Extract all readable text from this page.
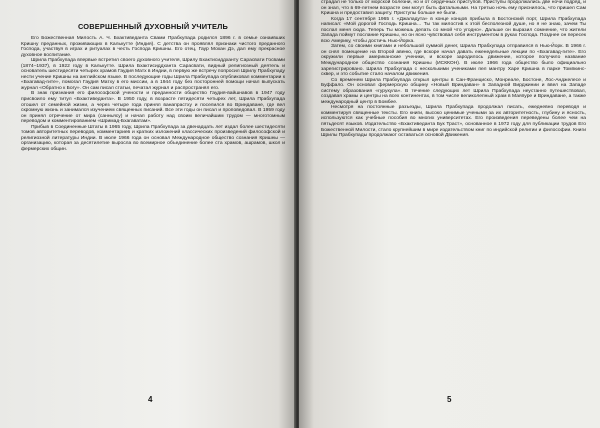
СОВЕРШЕННЫЙ ДУХОВНЫЙ УЧИТЕЛЬ

Его Божественная Милость А. Ч. Бхактиведанта Свами Прабхупада родился 1896 г. в семье ознаивших Кришну преданных, проживающих в Калькутте (Индия). С детства он проявлял признаки чистого преданного Господа, участвуя в играх и ритуалах в честь Господа Кришны. Его отец, Гаур Мохан Дэ, дал ему прекрасное духовное воспитание.

Шрила Прабхупада впервые встретил своего духовного учителя, Шрилу Бхактисиддханту Сарасвати Госвами (1874–1937), в 1922 году в Калькутте. Шрила Бхактисиддханта Сарасвати, видный религиозный деятель и основатель шестидесяти четырех храмов Гаудия Матх в Индии, в первую же встречу попросил Шрилу Прабхупаду нести учение Кришны на английском языке. В последующие годы Шрила Прабхупада опубликовал комментарии к «Бхагавад-гите», помогал Гаудия Матху в его миссии, а в 1944 году без посторонней помощи начал выпускать журнал «Обратно к Богу». Он сам писал статьи, печатал журнал и распространял его.

В знак признания его философской учености и преданности общество Гаудия-вайшнавов в 1947 году присвоило ему титул «Бхактиведанта». В 1950 году, в возрасте пятидесяти четырех лет, Шрила Прабхупада отошел от семейной жизни, а через четыре года принял ванапрастху и поселился во Вриндаване, где вел скромную жизнь и занимался изучением священных писаний. Все эти годы он писал и проповедовал. В 1959 году он принял отречение от мира (санньясу) и начал работу над своим величайшим трудом — многотомным переводом и комментированием «Шримад-Бхагаватам».

Прибыв в Соединенные Штаты в 1965 году, Шрила Прабхупада за двенадцать лет издал более шестидесяти томов авторитетных переводов, комментариев и кратких изложений классических произведений философской и религиозной литературы Индии. В июле 1966 года он основал Международное общество сознания Кришны — организацию, которая за десятилетие выросла во всемирное объединение более ста храмов, ашрамов, школ и фермерских общин.

4

страдал не только от морской болезни, но и от сердечных приступов. Приступы продолжались две ночи подряд, и он знал, что в 69-летнем возрасте они могут быть фатальными. На третью ночь ему приснилось, что пришел Сам Кришна и предоставил защиту. Приступы больше не были.

Когда 17 сентября 1965 г. «Джаладута» в конце концов прибыла в Бостонский порт, Шрила Прабхупада написал: «Мой дорогой Господь Кришна… Ты так милостив к этой бесполезной душе, но я не знаю, зачем Ты послал меня сюда. Теперь Ты можешь делать со мной что угодно». Дальше он выразил сомнение, что жители Запада поймут послание Кришны, но он ясно чувствовал себя инструментом в руках Господа. Позднее он пересек всю Америку, чтобы достичь Нью-Йорка.

Затем, со своими книгами и небольшой суммой денег, Шрила Прабхупада отправился в Нью-Йорк. В 1966 г. он снял помещение на Второй авеню, где вскоре начал давать еженедельные лекции по «Бхагавад-гите». Его окружили первые американские ученики, и вскоре зародилось движение, которое получило название Международное общество сознания Кришны (ИСККОН). В июле 1966 года общество было официально зарегистрировано. Шрила Прабхупада с несколькими учениками пел мантру Харе Кришна в парке Томпкинс-сквер, и это событие стало началом движения.

Со временем Шрила Прабхупада открыл центры в Сан-Франциско, Монреале, Бостоне, Лос-Анджелесе и Буффало. Он основал фермерскую общину «Новый Вриндаван» в Западной Вирджинии и ввел на Западе систему образования «гурукула». В течение следующих лет Шрила Прабхупада неустанно путешествовал, создавая храмы и центры на всех континентах, в том числе великолепный храм в Маяпуре и Вриндаване, а также международный центр в Бомбее.

Несмотря на постоянные разъезды, Шрила Прабхупада продолжал писать, ежедневно переводя и комментируя священные тексты. Его книги, высоко ценимые учеными за их авторитетность, глубину и ясность, используются как учебные пособия во многих университетах. Его произведения переведены более чем на пятьдесят языков. Издательство «Бхактиведанта Бук Траст», основанное в 1972 году для публикации трудов Его Божественной Милости, стало крупнейшим в мире издательством книг по индийской религии и философии. Книги Шрилы Прабхупады продолжают оставаться основой Движения.

5
